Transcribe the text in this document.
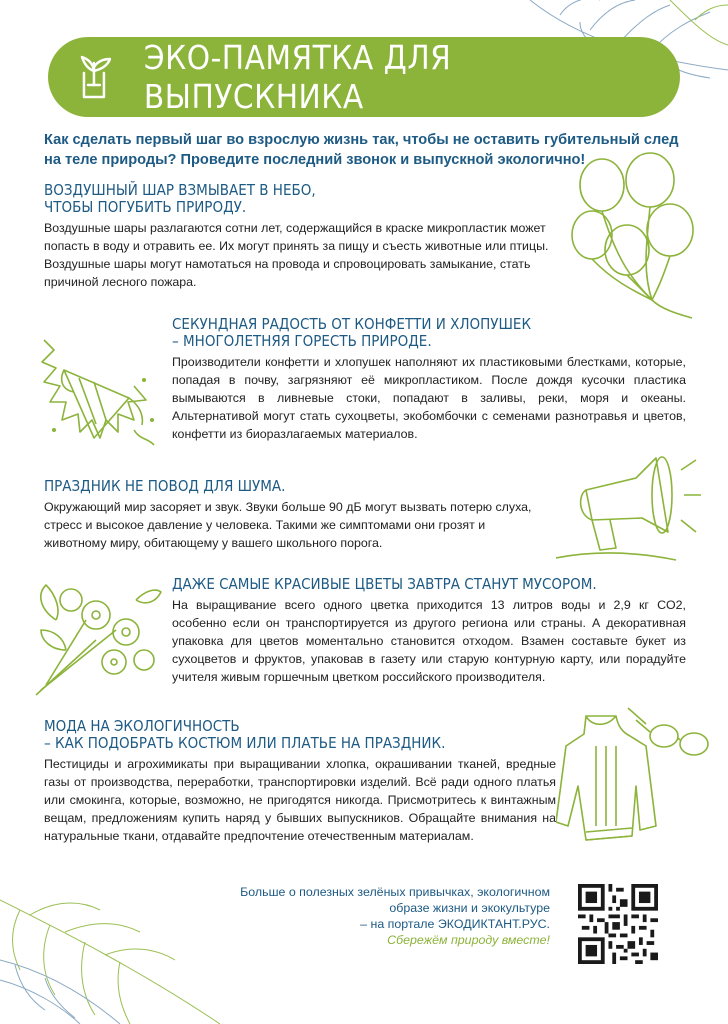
ЭКО-ПАМЯТКА ДЛЯ ВЫПУСКНИКА
Как сделать первый шаг во взрослую жизнь так, чтобы не оставить губительный след на теле природы? Проведите последний звонок и выпускной экологично!
ВОЗДУШНЫЙ ШАР ВЗМЫВАЕТ В НЕБО,
ЧТОБЫ ПОГУБИТЬ ПРИРОДУ.

Воздушные шары разлагаются сотни лет, содержащийся в краске микропластик может попасть в воду и отравить ее. Их могут принять за пищу и съесть животные или птицы. Воздушные шары могут намотаться на провода и спровоцировать замыкание, стать причиной лесного пожара.

СЕКУНДНАЯ РАДОСТЬ ОТ КОНФЕТТИ И ХЛОПУШЕК
– МНОГОЛЕТНЯЯ ГОРЕСТЬ ПРИРОДЕ.

Производители конфетти и хлопушек наполняют их пластиковыми блестками, которые, попадая в почву, загрязняют её микропластиком. После дождя кусочки пластика вымываются в ливневые стоки, попадают в заливы, реки, моря и океаны. Альтернативой могут стать сухоцветы, экобомбочки с семенами разнотравья и цветов, конфетти из биоразлагаемых материалов.

ПРАЗДНИК НЕ ПОВОД ДЛЯ ШУМА.

Окружающий мир засоряет и звук. Звуки больше 90 дБ могут вызвать потерю слуха, стресс и высокое давление у человека. Такими же симптомами они грозят и животному миру, обитающему у вашего школьного порога.

ДАЖЕ САМЫЕ КРАСИВЫЕ ЦВЕТЫ ЗАВТРА СТАНУТ МУСОРОМ.

На выращивание всего одного цветка приходится 13 литров воды и 2,9 кг CO2, особенно если он транспортируется из другого региона или страны. А декоративная упаковка для цветов моментально становится отходом. Взамен составьте букет из сухоцветов и фруктов, упаковав в газету или старую контурную карту, или порадуйте учителя живым горшечным цветком российского производителя.

МОДА НА ЭКОЛОГИЧНОСТЬ
– КАК ПОДОБРАТЬ КОСТЮМ ИЛИ ПЛАТЬЕ НА ПРАЗДНИК.

Пестициды и агрохимикаты при выращивании хлопка, окрашивании тканей, вредные газы от производства, переработки, транспортировки изделий. Всё ради одного платья или смокинга, которые, возможно, не пригодятся никогда. Присмотритесь к винтажным вещам, предложениям купить наряд у бывших выпускников. Обращайте внимания на натуральные ткани, отдавайте предпочтение отечественным материалам.

Больше о полезных зелёных привычках, экологичном
образе жизни и экокультуре
– на портале ЭКОДИКТАНТ.РУС.
Сбережём природу вместе!
